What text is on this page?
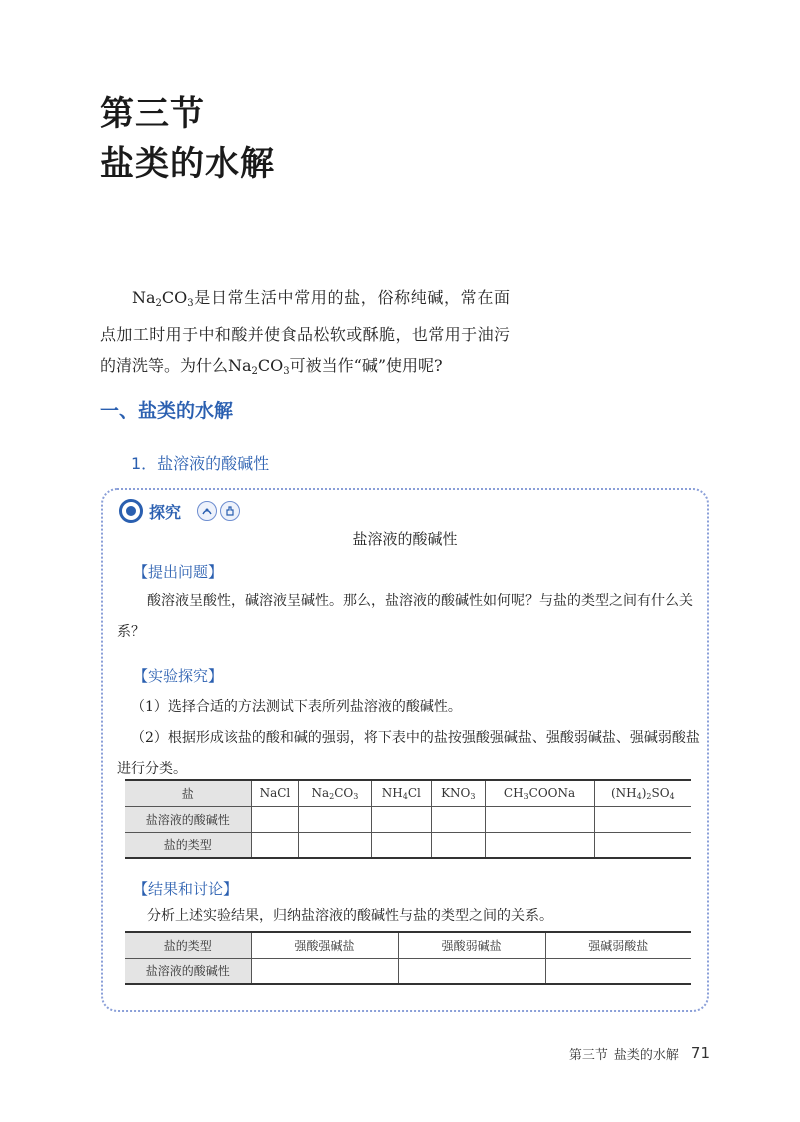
第三节
盐类的水解

$Na_2CO_3$是日常生活中常用的盐，俗称纯碱，常在面点加工时用于中和酸并使食品松软或酥脆，也常用于油污的清洗等。为什么$Na_2CO_3$可被当作“碱”使用呢?

一、盐类的水解
1．盐溶液的酸碱性
探究
盐溶液的酸碱性
【提出问题】

酸溶液呈酸性，碱溶液呈碱性。那么，盐溶液的酸碱性如何呢？与盐的类型之间有什么关系？

【实验探究】

（1）选择合适的方法测试下表所列盐溶液的酸碱性。

（2）根据形成该盐的酸和碱的强弱，将下表中的盐按强酸强碱盐、强酸弱碱盐、强碱弱酸盐进行分类。

盐	NaCl	$Na_2CO_3$	$NH_4Cl$	$KNO_3$	$CH_3COONa$	$(NH_4)_2SO_4$
盐溶液的酸碱性						
盐的类型						
【结果和讨论】

分析上述实验结果，归纳盐溶液的酸碱性与盐的类型之间的关系。

盐的类型	强酸强碱盐	强酸弱碱盐	强碱弱酸盐
盐溶液的酸碱性			
第三节 盐类的水解 71
